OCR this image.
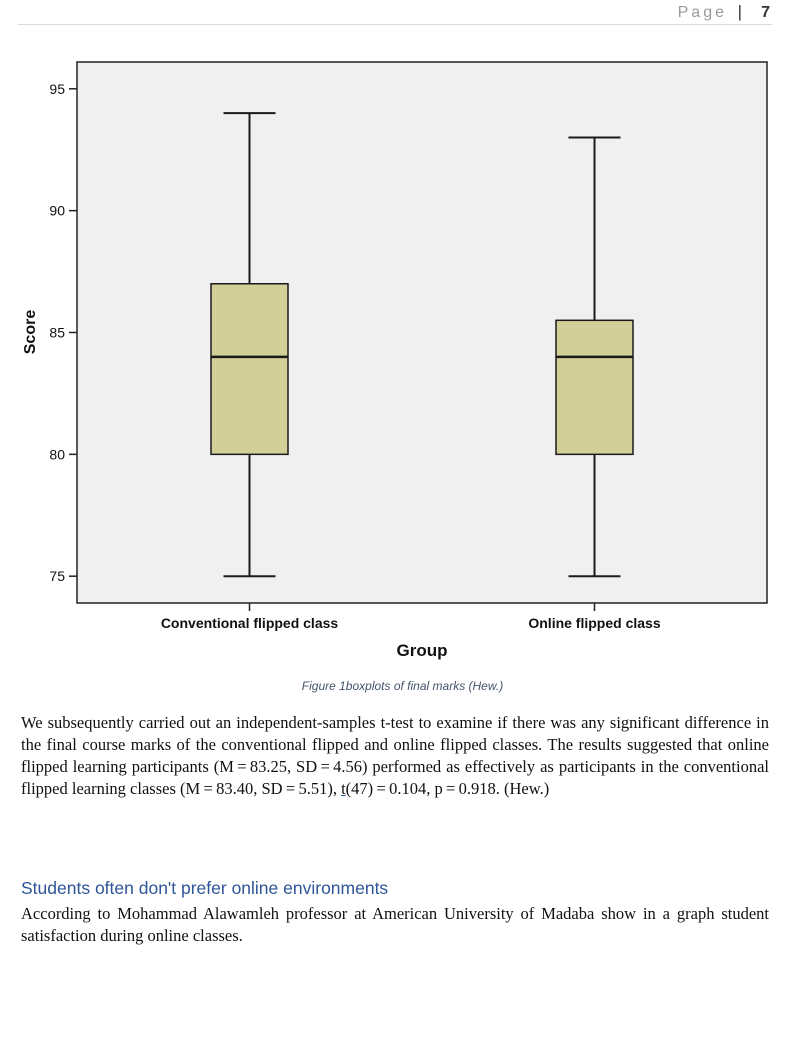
Page | 7
75
80
85
90
95
Conventional flipped class	Online flipped class
Score
Group
Figure 1boxplots of final marks (Hew.)

We subsequently carried out an independent-samples t-test to examine if there was any significant difference in the final course marks of the conventional flipped and online flipped classes. The results suggested that online flipped learning participants (M = 83.25, SD = 4.56) performed as effectively as participants in the conventional flipped learning classes (M = 83.40, SD = 5.51), t(47) = 0.104, p = 0.918. (Hew.)

Students often don't prefer online environments

According to Mohammad Alawamleh professor at American University of Madaba show in a graph student satisfaction during online classes.
